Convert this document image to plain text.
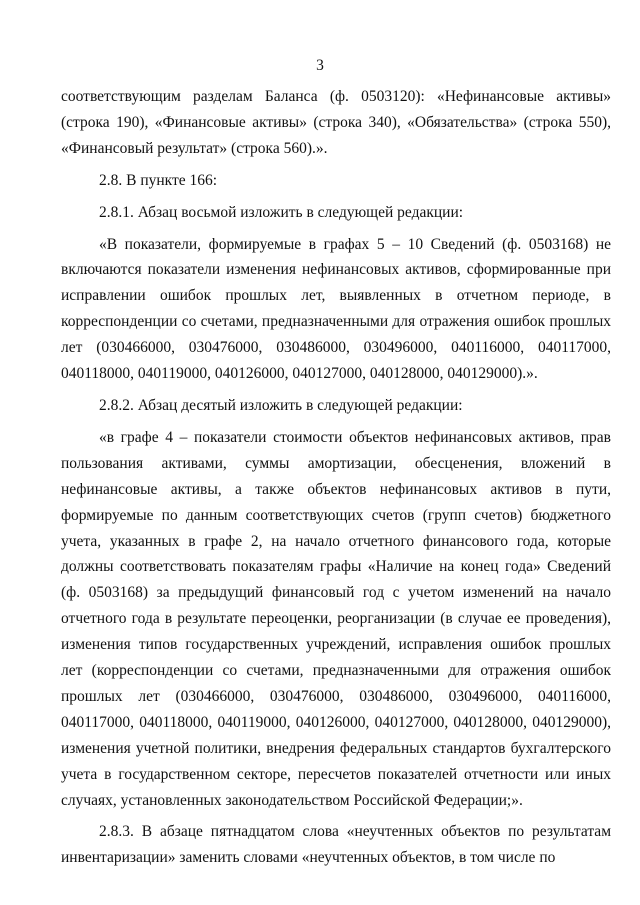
3

соответствующим разделам Баланса (ф. 0503120): «Нефинансовые активы» (строка 190), «Финансовые активы» (строка 340), «Обязательства» (строка 550), «Финансовый результат» (строка 560).».

2.8. В пункте 166:

2.8.1. Абзац восьмой изложить в следующей редакции:

«В показатели, формируемые в графах 5 – 10 Сведений (ф. 0503168) не включаются показатели изменения нефинансовых активов, сформированные при исправлении ошибок прошлых лет, выявленных в отчетном периоде, в корреспонденции со счетами, предназначенными для отражения ошибок прошлых лет (030466000, 030476000, 030486000, 030496000, 040116000, 040117000, 040118000, 040119000, 040126000, 040127000, 040128000, 040129000).».

2.8.2. Абзац десятый изложить в следующей редакции:

«в графе 4 – показатели стоимости объектов нефинансовых активов, прав пользования активами, суммы амортизации, обесценения, вложений в нефинансовые активы, а также объектов нефинансовых активов в пути, формируемые по данным соответствующих счетов (групп счетов) бюджетного учета, указанных в графе 2, на начало отчетного финансового года, которые должны соответствовать показателям графы «Наличие на конец года» Сведений (ф. 0503168) за предыдущий финансовый год с учетом изменений на начало отчетного года в результате переоценки, реорганизации (в случае ее проведения), изменения типов государственных учреждений, исправления ошибок прошлых лет (корреспонденции со счетами, предназначенными для отражения ошибок прошлых лет (030466000, 030476000, 030486000, 030496000, 040116000, 040117000, 040118000, 040119000, 040126000, 040127000, 040128000, 040129000), изменения учетной политики, внедрения федеральных стандартов бухгалтерского учета в государственном секторе, пересчетов показателей отчетности или иных случаях, установленных законодательством Российской Федерации;».

2.8.3. В абзаце пятнадцатом слова «неучтенных объектов по результатам инвентаризации» заменить словами «неучтенных объектов, в том числе по
